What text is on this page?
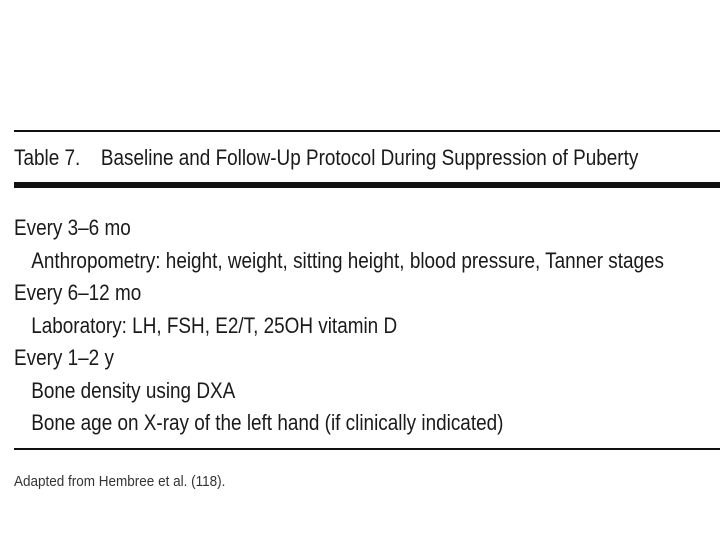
Table 7. Baseline and Follow-Up Protocol During Suppression of Puberty
Every 3–6 mo
Anthropometry: height, weight, sitting height, blood pressure, Tanner stages
Every 6–12 mo
Laboratory: LH, FSH, E2/T, 25OH vitamin D
Every 1–2 y
Bone density using DXA
Bone age on X-ray of the left hand (if clinically indicated)
Adapted from Hembree et al. (118).
